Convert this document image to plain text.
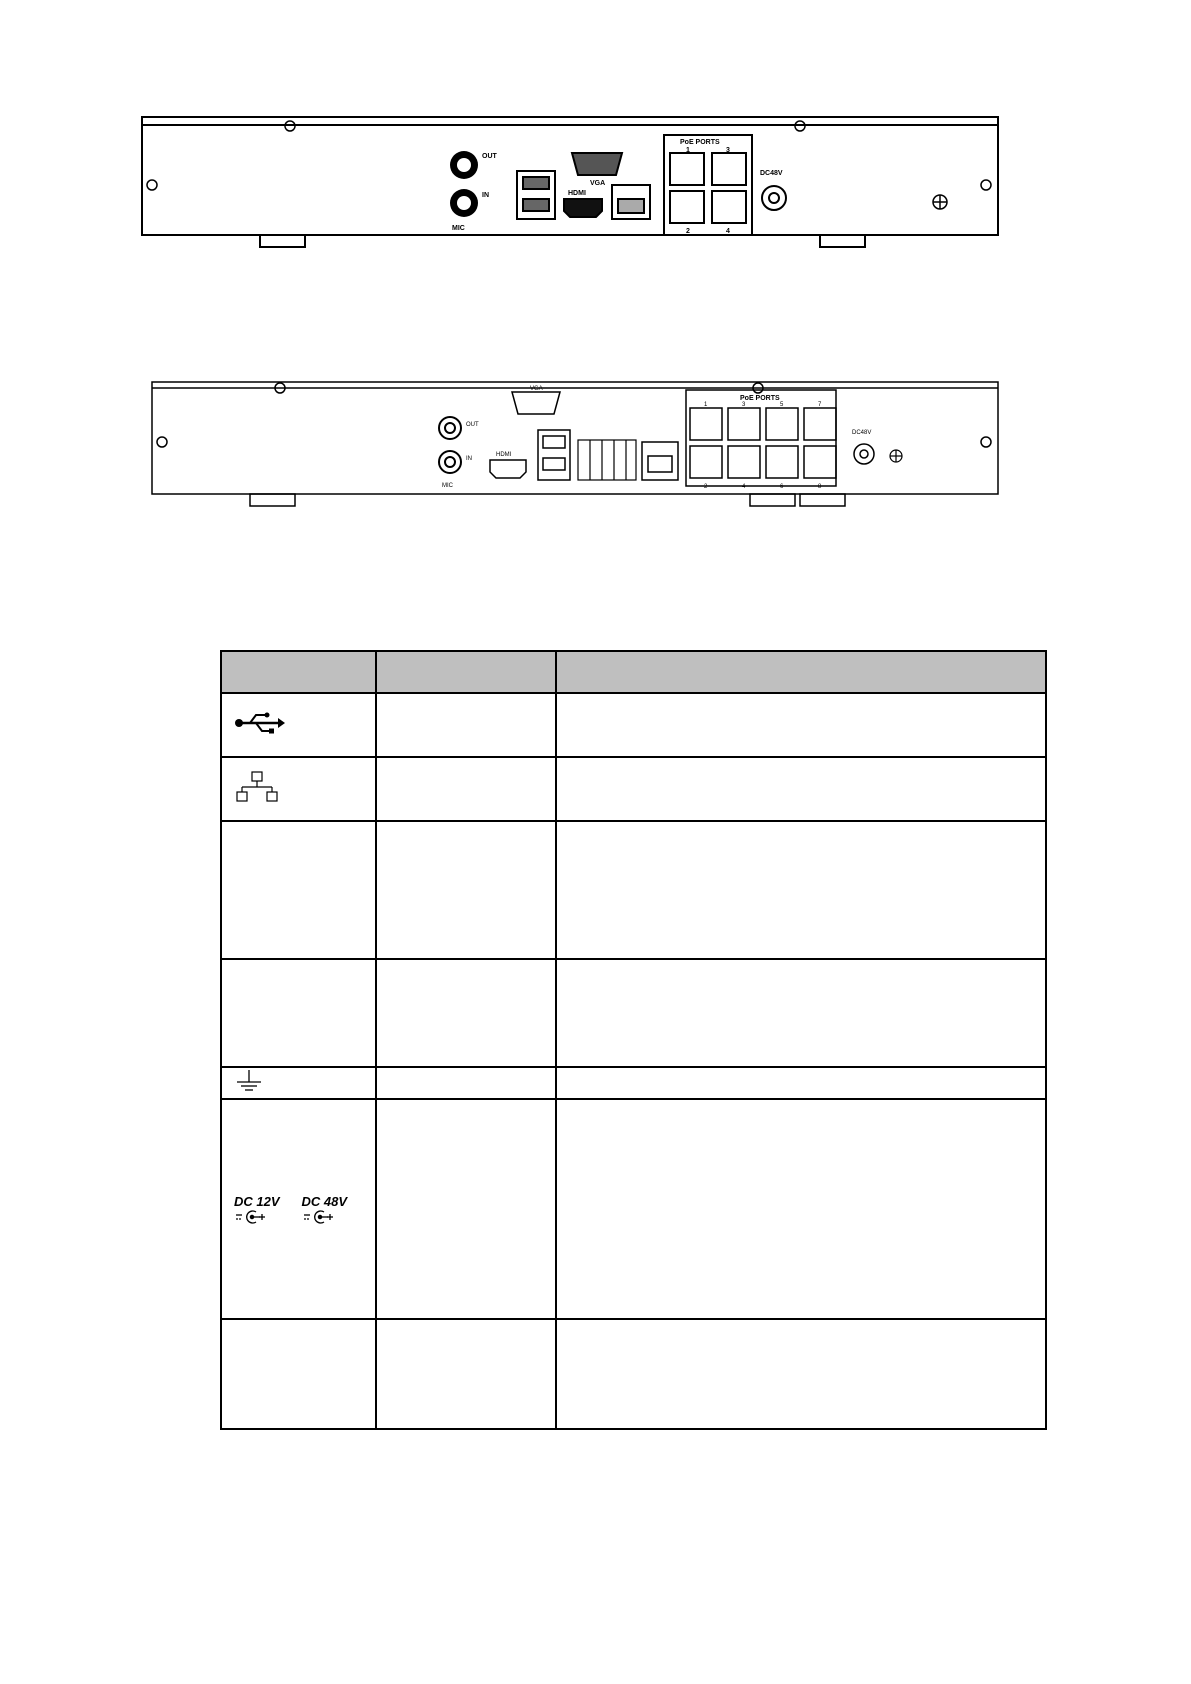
OUT
IN
MIC
VGA
HDMI
PoE PORTS
1	3
2	4
DC48V
OUT
IN
MIC
VGA
HDMI
PoE PORTS
1	3	5	7
2	4	6	8
DC48V

DC 12V DC 48V		
